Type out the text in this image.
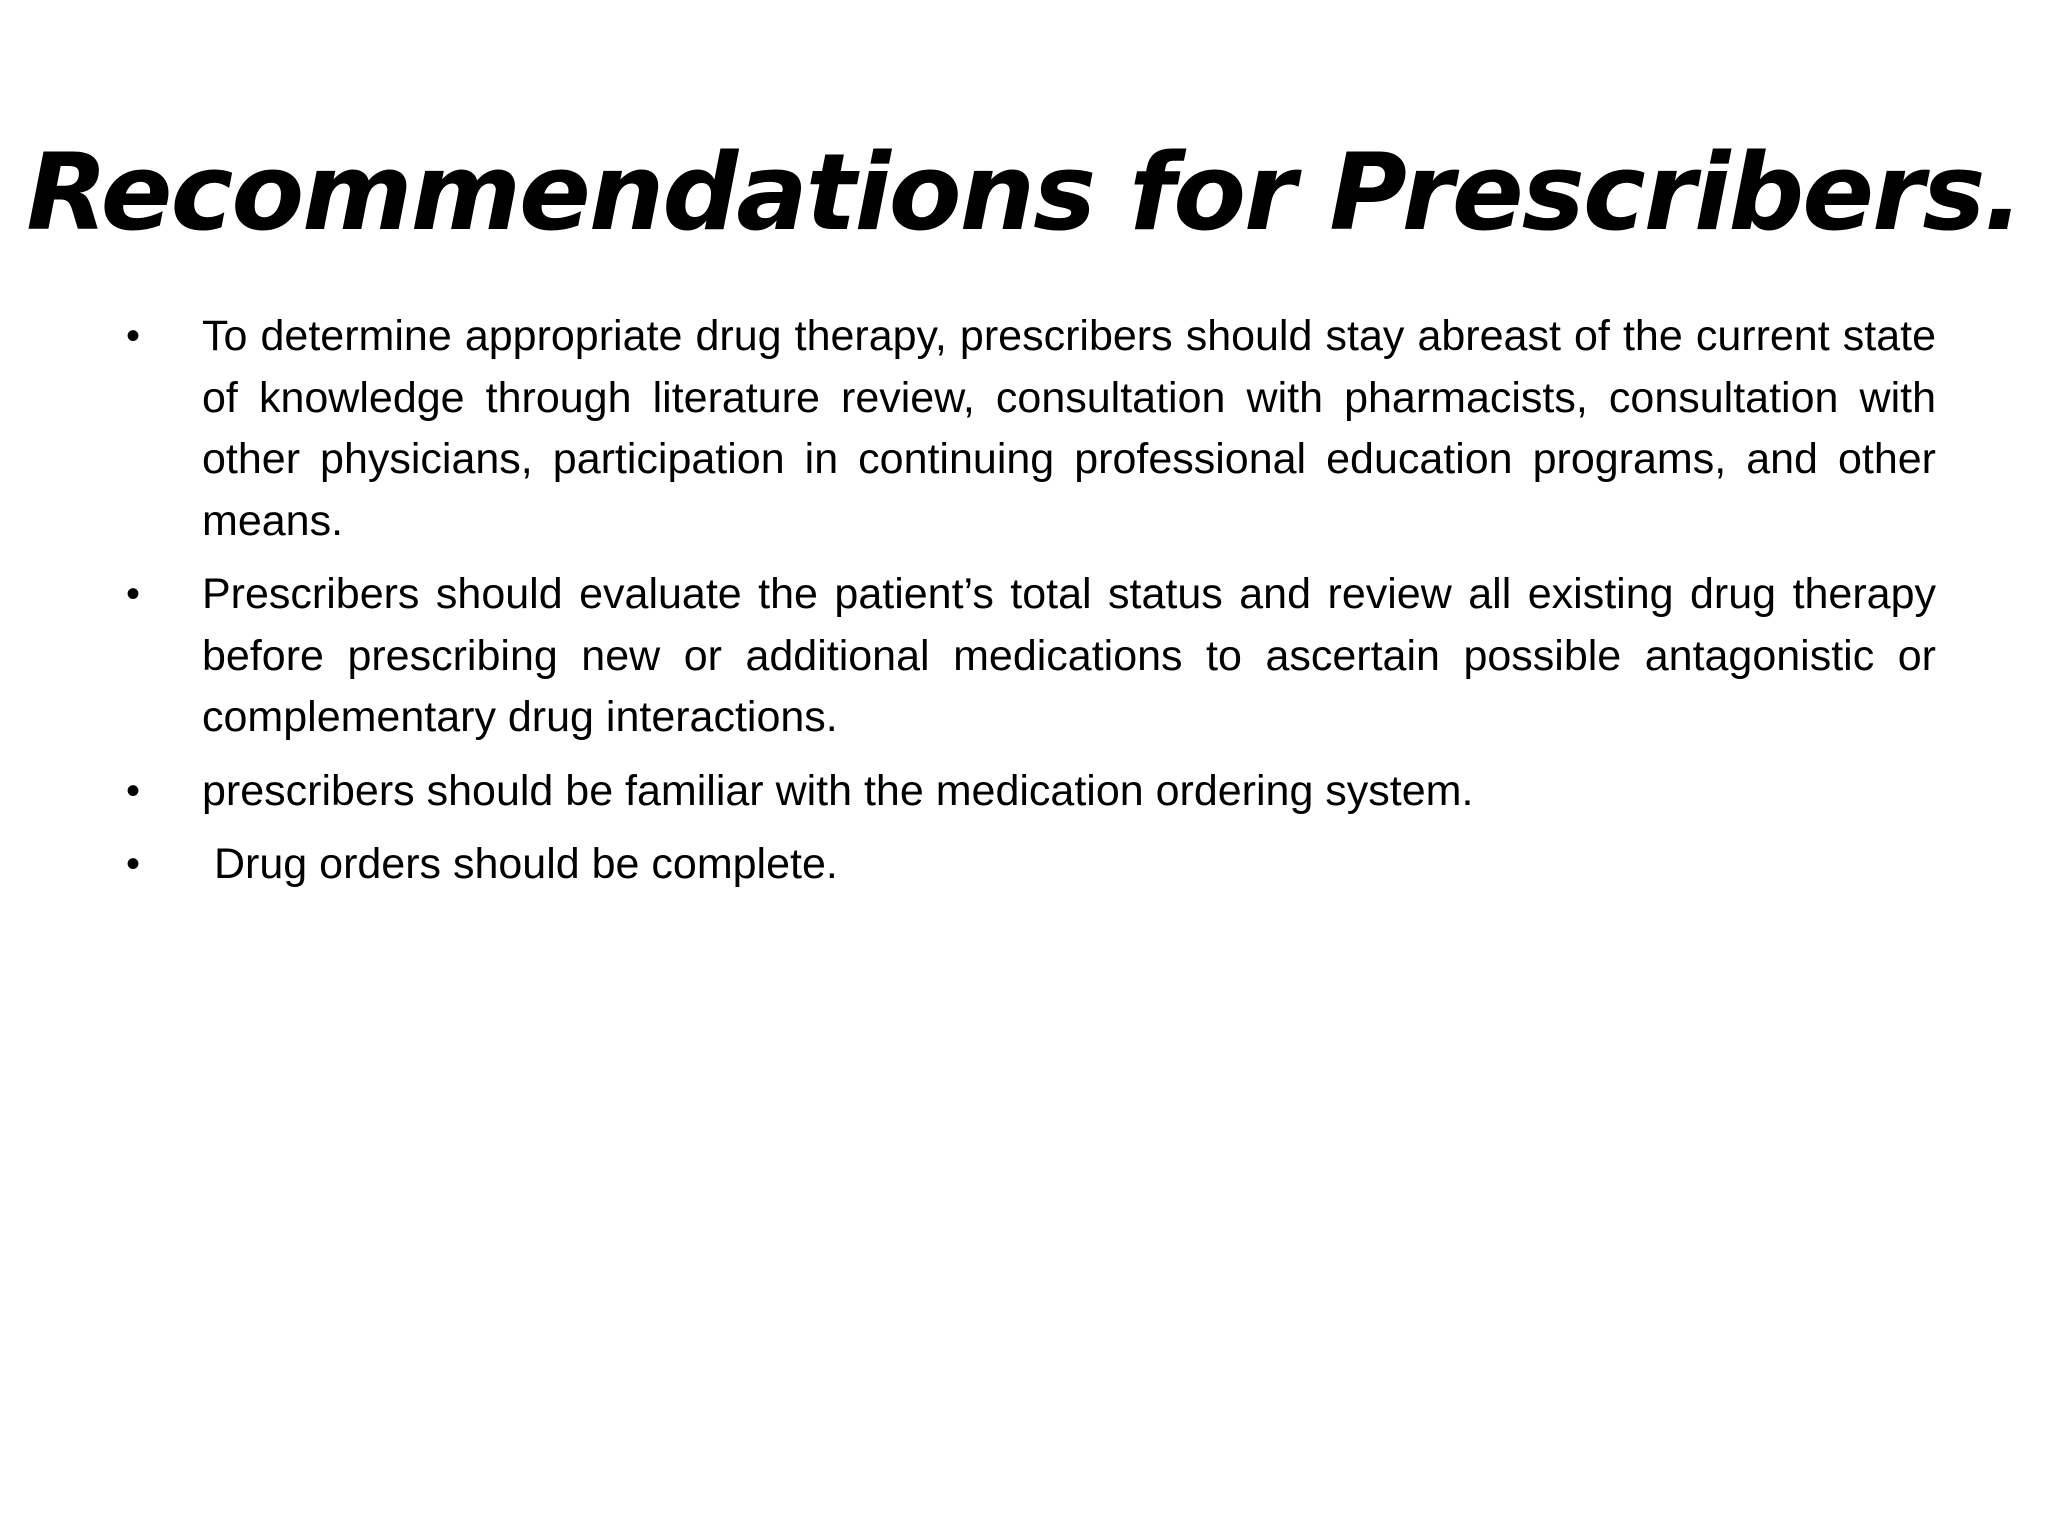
Recommendations for Prescribers.
•	To determine appropriate drug therapy, prescribers should stay abreast of the current state of knowledge through literature review, consultation with pharmacists, consultation with other physicians, participation in continuing professional education programs, and other means.
•	Prescribers should evaluate the patient’s total status and review all existing drug therapy before prescribing new or additional medications to ascertain possible antagonistic or complementary drug interactions.
•	prescribers should be familiar with the medication ordering system.
•	Drug orders should be complete.
